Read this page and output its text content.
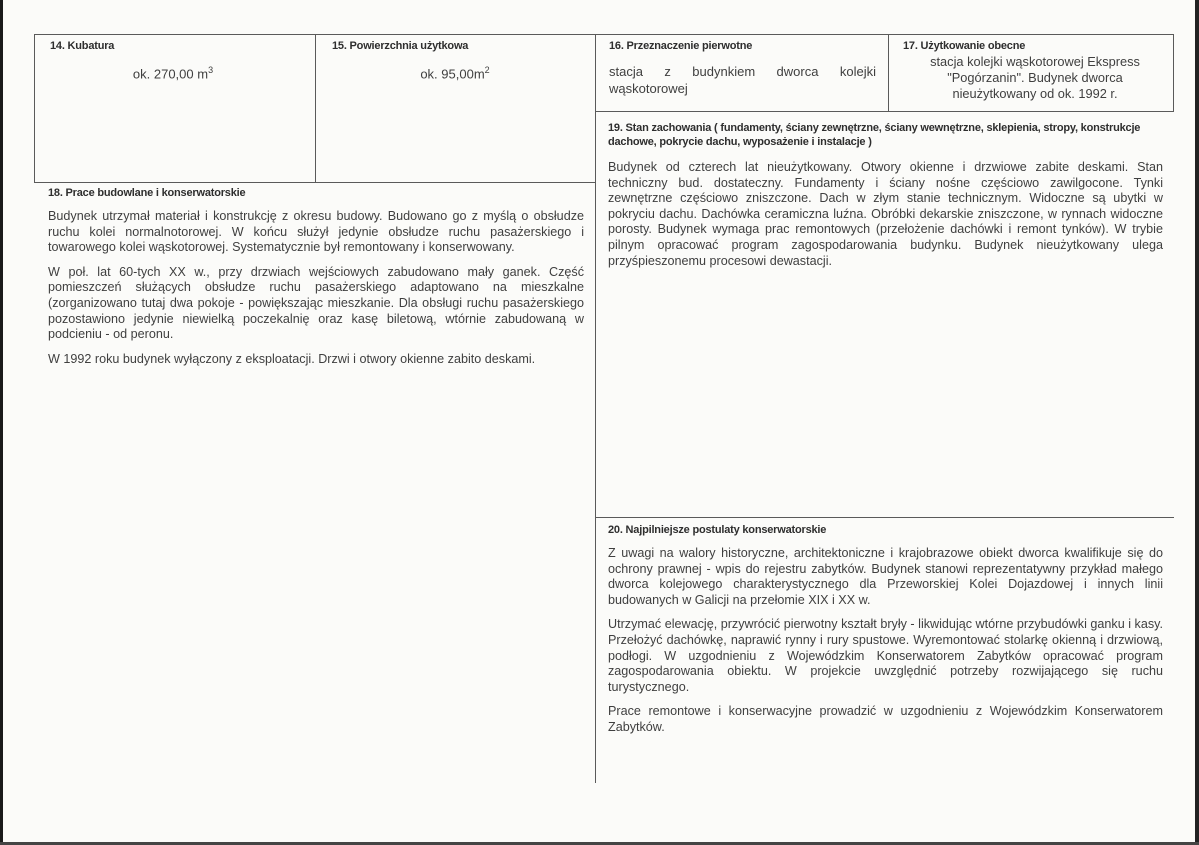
14. Kubatura
ok. 270,00 $m^3$
15. Powierzchnia użytkowa
ok. $95,00m^2$
16. Przeznaczenie pierwotne
stacja z budynkiem dworca kolejki wąskotorowej
17. Użytkowanie obecne
stacja kolejki wąskotorowej Ekspress "Pogórzanin". Budynek dworca nieużytkowany od ok. 1992 r.
19. Stan zachowania ( fundamenty, ściany zewnętrzne, ściany wewnętrzne, sklepienia, stropy, konstrukcje dachowe, pokrycie dachu, wyposażenie i instalacje )

Budynek od czterech lat nieużytkowany. Otwory okienne i drzwiowe zabite deskami. Stan techniczny bud. dostateczny. Fundamenty i ściany nośne częściowo zawilgocone. Tynki zewnętrzne częściowo zniszczone. Dach w złym stanie technicznym. Widoczne są ubytki w pokryciu dachu. Dachówka ceramiczna luźna. Obróbki dekarskie zniszczone, w rynnach widoczne porosty. Budynek wymaga prac remontowych (przełożenie dachówki i remont tynków). W trybie pilnym opracować program zagospodarowania budynku. Budynek nieużytkowany ulega przyśpieszonemu procesowi dewastacji.

18. Prace budowlane i konserwatorskie

Budynek utrzymał materiał i konstrukcję z okresu budowy. Budowano go z myślą o obsłudze ruchu kolei normalnotorowej. W końcu służył jedynie obsłudze ruchu pasażerskiego i towarowego kolei wąskotorowej. Systematycznie był remontowany i konserwowany.

W poł. lat 60-tych XX w., przy drzwiach wejściowych zabudowano mały ganek. Część pomieszczeń służących obsłudze ruchu pasażerskiego adaptowano na mieszkalne (zorganizowano tutaj dwa pokoje - powiększając mieszkanie. Dla obsługi ruchu pasażerskiego pozostawiono jedynie niewielką poczekalnię oraz kasę biletową, wtórnie zabudowaną w podcieniu - od peronu.

W 1992 roku budynek wyłączony z eksploatacji. Drzwi i otwory okienne zabito deskami.

20. Najpilniejsze postulaty konserwatorskie

Z uwagi na walory historyczne, architektoniczne i krajobrazowe obiekt dworca kwalifikuje się do ochrony prawnej - wpis do rejestru zabytków. Budynek stanowi reprezentatywny przykład małego dworca kolejowego charakterystycznego dla Przeworskiej Kolei Dojazdowej i innych linii budowanych w Galicji na przełomie XIX i XX w.

Utrzymać elewację, przywrócić pierwotny kształt bryły - likwidując wtórne przybudówki ganku i kasy. Przełożyć dachówkę, naprawić rynny i rury spustowe. Wyremontować stolarkę okienną i drzwiową, podłogi. W uzgodnieniu z Wojewódzkim Konserwatorem Zabytków opracować program zagospodarowania obiektu. W projekcie uwzględnić potrzeby rozwijającego się ruchu turystycznego.

Prace remontowe i konserwacyjne prowadzić w uzgodnieniu z Wojewódzkim Konserwatorem Zabytków.
